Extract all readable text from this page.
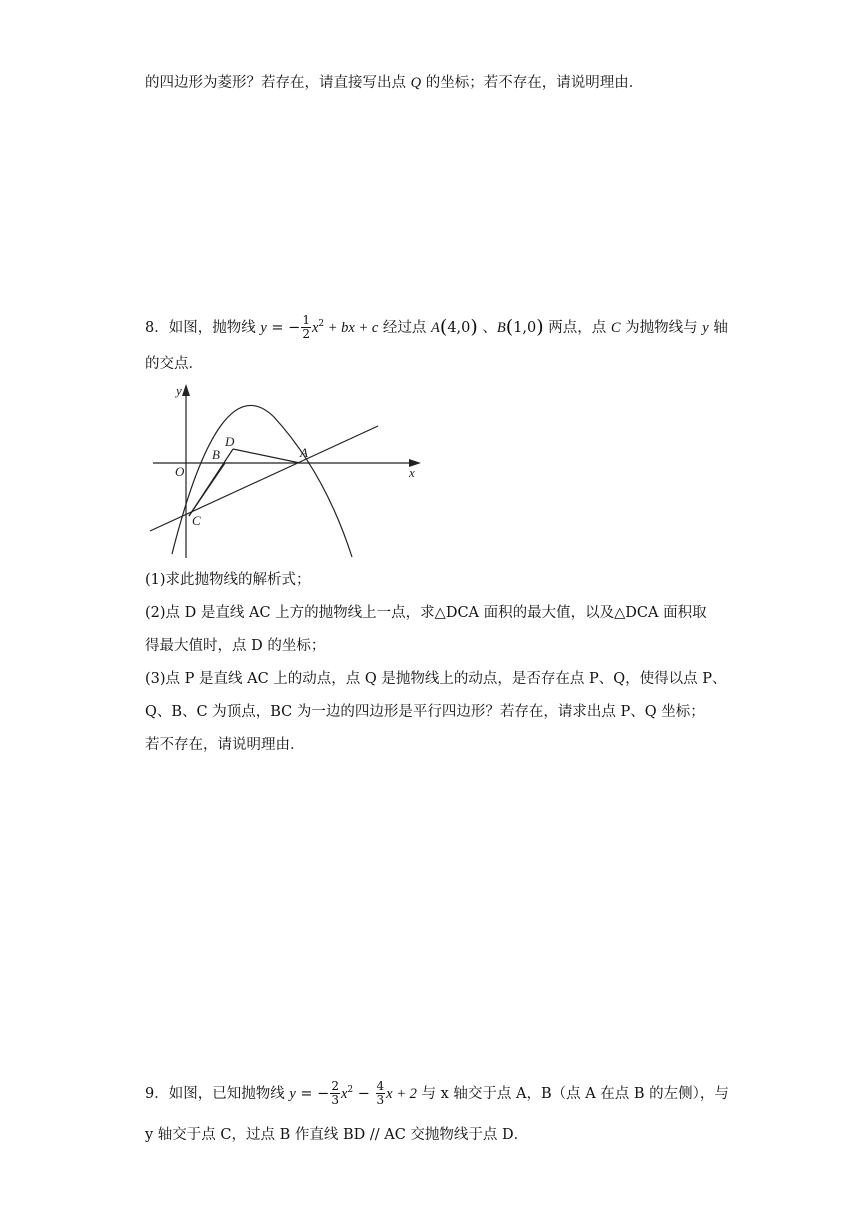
的四边形为菱形？若存在，请直接写出点 Q 的坐标；若不存在，请说明理由．
8．如图，抛物线 y = − $\frac{1}{2} x^2$ + bx + c 经过点 A(4,0) 、B(1,0) 两点，点 C 为抛物线与 y 轴
的交点．
y
x
O
A
B
D
C
(1)求此抛物线的解析式；
(2)点 D 是直线 AC 上方的抛物线上一点，求△DCA 面积的最大值，以及△DCA 面积取
得最大值时，点 D 的坐标；
(3)点 P 是直线 AC 上的动点，点 Q 是抛物线上的动点，是否存在点 P、Q，使得以点 P、
Q、B、C 为顶点，BC 为一边的四边形是平行四边形？若存在，请求出点 P、Q 坐标；
若不存在，请说明理由．
9．如图，已知抛物线 y = − $\frac{2}{3} x^2 - \frac{4}{3}$ x + 2 与 x 轴交于点 A，B（点 A 在点 B 的左侧），与
y 轴交于点 C，过点 B 作直线 BD // AC 交抛物线于点 D．
